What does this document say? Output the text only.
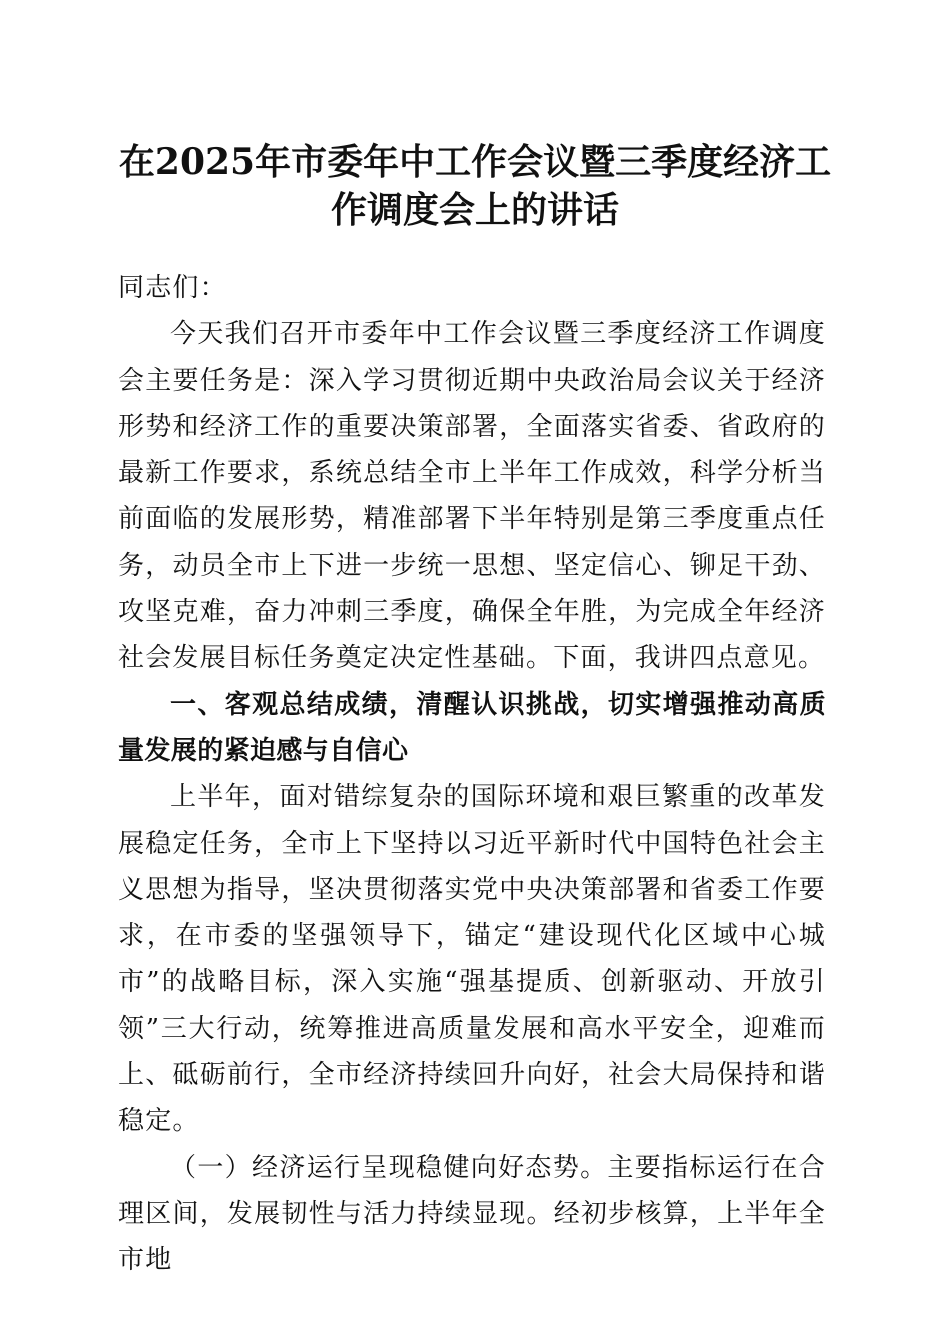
在2025年市委年中工作会议暨三季度经济工作调度会上的讲话

同志们：

今天我们召开市委年中工作会议暨三季度经济工作调度会主要任务是：深入学习贯彻近期中央政治局会议关于经济形势和经济工作的重要决策部署，全面落实省委、省政府的最新工作要求，系统总结全市上半年工作成效，科学分析当前面临的发展形势，精准部署下半年特别是第三季度重点任务，动员全市上下进一步统一思想、坚定信心、铆足干劲、攻坚克难，奋力冲刺三季度，确保全年胜，为完成全年经济社会发展目标任务奠定决定性基础。下面，我讲四点意见。

一、客观总结成绩，清醒认识挑战，切实增强推动高质量发展的紧迫感与自信心

上半年，面对错综复杂的国际环境和艰巨繁重的改革发展稳定任务，全市上下坚持以习近平新时代中国特色社会主义思想为指导，坚决贯彻落实党中央决策部署和省委工作要求，在市委的坚强领导下，锚定“建设现代化区域中心城市”的战略目标，深入实施“强基提质、创新驱动、开放引领”三大行动，统筹推进高质量发展和高水平安全，迎难而上、砥砺前行，全市经济持续回升向好，社会大局保持和谐稳定。

（一）经济运行呈现稳健向好态势。主要指标运行在合理区间，发展韧性与活力持续显现。经初步核算，上半年全市地
